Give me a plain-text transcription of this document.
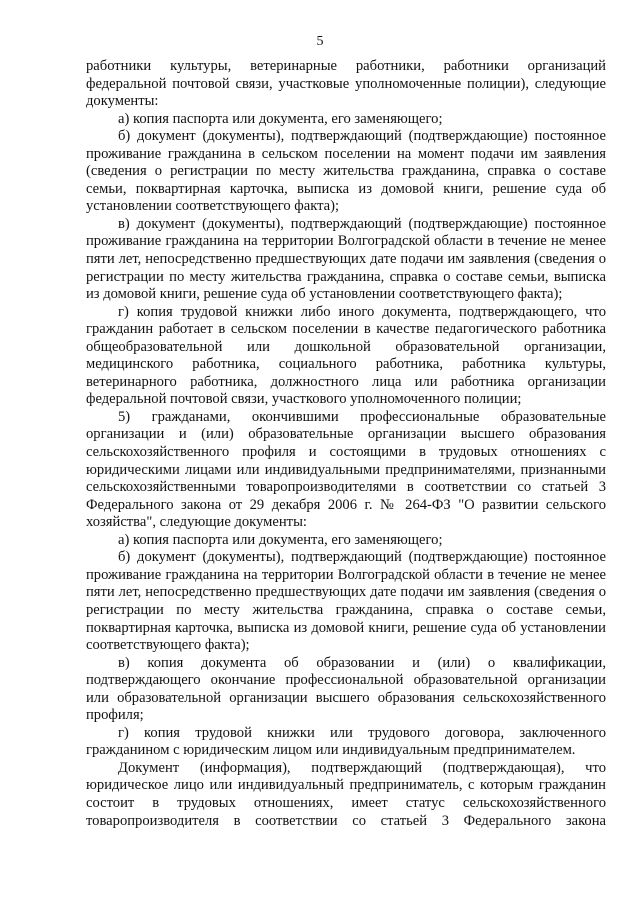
5

работники культуры, ветеринарные работники, работники организаций федеральной почтовой связи, участковые уполномоченные полиции), следующие документы:

а) копия паспорта или документа, его заменяющего;

б) документ (документы), подтверждающий (подтверждающие) постоянное проживание гражданина в сельском поселении на момент подачи им заявления (сведения о регистрации по месту жительства гражданина, справка о составе семьи, поквартирная карточка, выписка из домовой книги, решение суда об установлении соответствующего факта);

в) документ (документы), подтверждающий (подтверждающие) постоянное проживание гражданина на территории Волгоградской области в течение не менее пяти лет, непосредственно предшествующих дате подачи им заявления (сведения о регистрации по месту жительства гражданина, справка о составе семьи, выписка из домовой книги, решение суда об установлении соответствующего факта);

г) копия трудовой книжки либо иного документа, подтверждающего, что гражданин работает в сельском поселении в качестве педагогического работника общеобразовательной или дошкольной образовательной организации, медицинского работника, социального работника, работника культуры, ветеринарного работника, должностного лица или работника организации федеральной почтовой связи, участкового уполномоченного полиции;

5) гражданами, окончившими профессиональные образовательные организации и (или) образовательные организации высшего образования сельскохозяйственного профиля и состоящими в трудовых отношениях с юридическими лицами или индивидуальными предпринимателями, признанными сельскохозяйственными товаропроизводителями в соответствии со статьей 3 Федерального закона от 29 декабря 2006 г. № 264-ФЗ "О развитии сельского хозяйства", следующие документы:

а) копия паспорта или документа, его заменяющего;

б) документ (документы), подтверждающий (подтверждающие) постоянное проживание гражданина на территории Волгоградской области в течение не менее пяти лет, непосредственно предшествующих дате подачи им заявления (сведения о регистрации по месту жительства гражданина, справка о составе семьи, поквартирная карточка, выписка из домовой книги, решение суда об установлении соответствующего факта);

в) копия документа об образовании и (или) о квалификации, подтверждающего окончание профессиональной образовательной организации или образовательной организации высшего образования сельскохозяйственного профиля;

г) копия трудовой книжки или трудового договора, заключенного гражданином с юридическим лицом или индивидуальным предпринимателем.

Документ (информация), подтверждающий (подтверждающая), что юридическое лицо или индивидуальный предприниматель, с которым гражданин состоит в трудовых отношениях, имеет статус сельскохозяйственного товаропроизводителя в соответствии со статьей 3 Федерального закона
